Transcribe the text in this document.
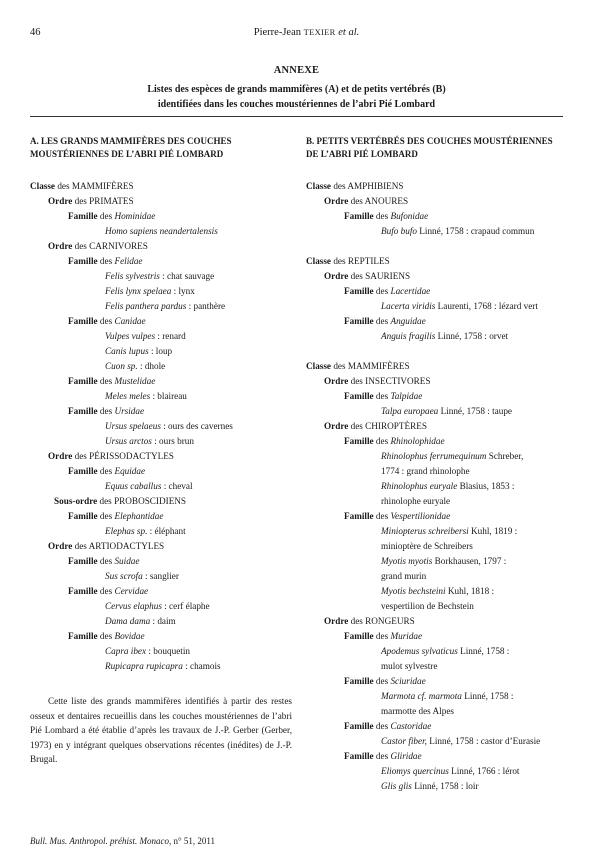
46	Pierre-Jean TEXIER et al.
ANNEXE
Listes des espèces de grands mammifères (A) et de petits vertébrés (B)
identifiées dans les couches moustériennes de l’abri Pié Lombard
A. LES GRANDS MAMMIFÈRES DES COUCHES
MOUSTÉRIENNES DE L’ABRI PIÉ LOMBARD
Classe des MAMMIFÈRES
Ordre des PRIMATES
Famille des Hominidae
Homo sapiens neandertalensis
Ordre des CARNIVORES
Famille des Felidae
Felis sylvestris : chat sauvage
Felis lynx spelaea : lynx
Felis panthera pardus : panthère
Famille des Canidae
Vulpes vulpes : renard
Canis lupus : loup
Cuon sp. : dhole
Famille des Mustelidae
Meles meles : blaireau
Famille des Ursidae
Ursus spelaeus : ours des cavernes
Ursus arctos : ours brun
Ordre des PÉRISSODACTYLES
Famille des Equidae
Equus caballus : cheval
Sous-ordre des PROBOSCIDIENS
Famille des Elephantidae
Elephas sp. : éléphant
Ordre des ARTIODACTYLES
Famille des Suidae
Sus scrofa : sanglier
Famille des Cervidae
Cervus elaphus : cerf élaphe
Dama dama : daim
Famille des Bovidae
Capra ibex : bouquetin
Rupicapra rupicapra : chamois
Cette liste des grands mammifères identifiés à partir des restes osseux et dentaires recueillis dans les couches moustériennes de l’abri Pié Lombard a été établie d’après les travaux de J.-P. Gerber (Gerber, 1973) en y intégrant quelques observations récentes (inédites) de J.-P. Brugal.
B. PETITS VERTÉBRÉS DES COUCHES MOUSTÉRIENNES
DE L’ABRI PIÉ LOMBARD
Classe des AMPHIBIENS
Ordre des ANOURES
Famille des Bufonidae
Bufo bufo Linné, 1758 : crapaud commun
Classe des REPTILES
Ordre des SAURIENS
Famille des Lacertidae
Lacerta viridis Laurenti, 1768 : lézard vert
Famille des Anguidae
Anguis fragilis Linné, 1758 : orvet
Classe des MAMMIFÈRES
Ordre des INSECTIVORES
Famille des Talpidae
Talpa europaea Linné, 1758 : taupe
Ordre des CHIROPTÈRES
Famille des Rhinolophidae
Rhinolophus ferrumequinum Schreber,
1774 : grand rhinolophe
Rhinolophus euryale Blasius, 1853 :
rhinolophe euryale
Famille des Vespertilionidae
Miniopterus schreibersi Kuhl, 1819 :
minioptère de Schreibers
Myotis myotis Borkhausen, 1797 :
grand murin
Myotis bechsteini Kuhl, 1818 :
vespertilion de Bechstein
Ordre des RONGEURS
Famille des Muridae
Apodemus sylvaticus Linné, 1758 :
mulot sylvestre
Famille des Sciuridae
Marmota cf. marmota Linné, 1758 :
marmotte des Alpes
Famille des Castoridae
Castor fiber, Linné, 1758 : castor d’Eurasie
Famille des Gliridae
Eliomys quercinus Linné, 1766 : lérot
Glis glis Linné, 1758 : loir
Bull. Mus. Anthropol. préhist. Monaco, n° 51, 2011
